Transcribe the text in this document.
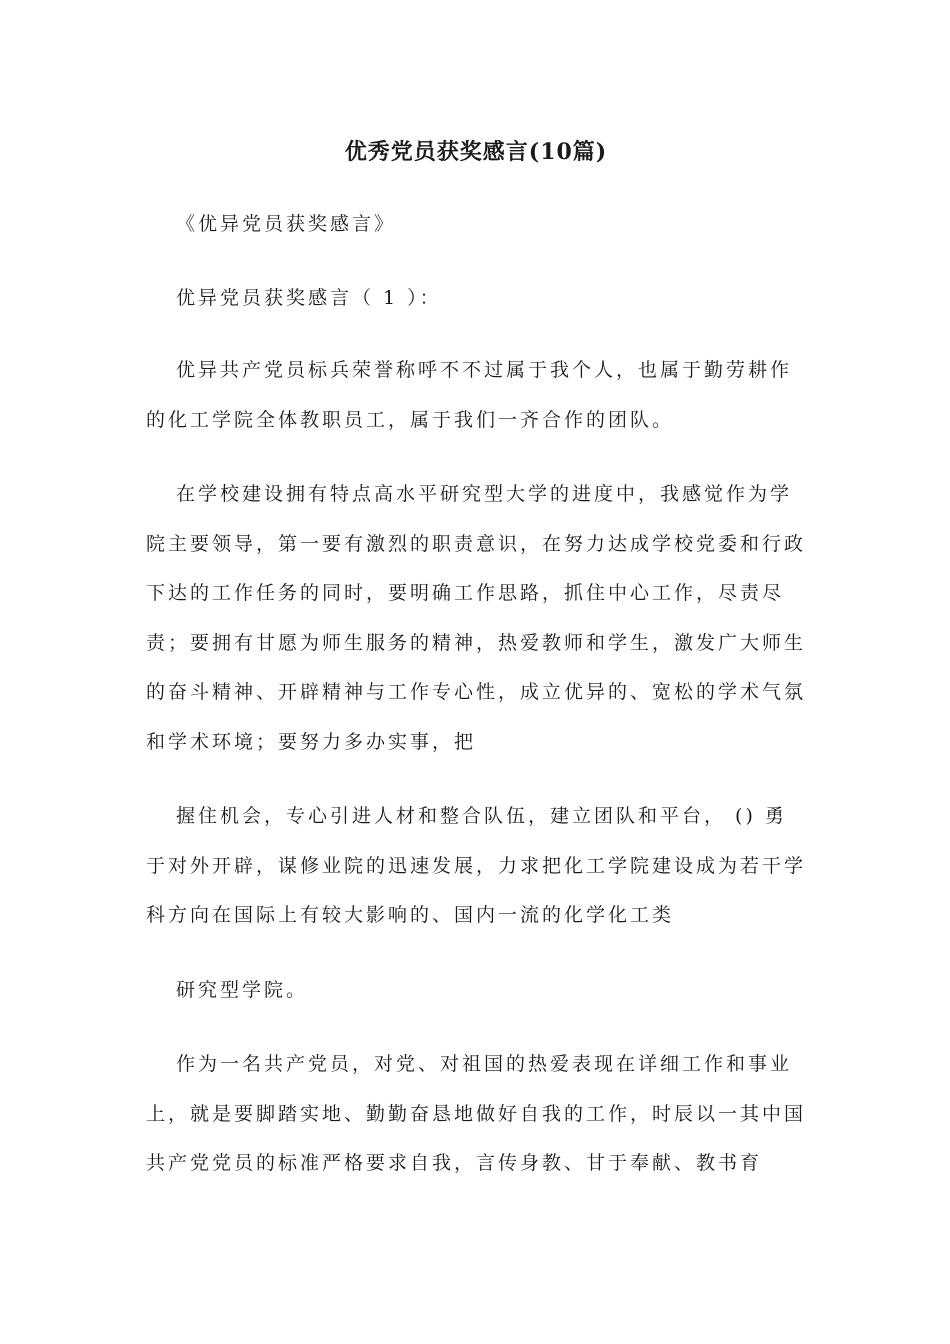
优秀党员获奖感言(10篇)
《优异党员获奖感言》
优异党员获奖感言（ 1 ）：

优异共产党员标兵荣誉称呼不不过属于我个人，也属于勤劳耕作的化工学院全体教职员工，属于我们一齐合作的团队。

在学校建设拥有特点高水平研究型大学的进度中，我感觉作为学院主要领导，第一要有激烈的职责意识，在努力达成学校党委和行政下达的工作任务的同时，要明确工作思路，抓住中心工作，尽责尽责；要拥有甘愿为师生服务的精神，热爱教师和学生，激发广大师生的奋斗精神、开辟精神与工作专心性，成立优异的、宽松的学术气氛和学术环境；要努力多办实事，把

握住机会，专心引进人材和整合队伍，建立团队和平台， () 勇于对外开辟，谋修业院的迅速发展，力求把化工学院建设成为若干学科方向在国际上有较大影响的、国内一流的化学化工类

研究型学院。

作为一名共产党员，对党、对祖国的热爱表现在详细工作和事业上，就是要脚踏实地、勤勤奋恳地做好自我的工作，时辰以一其中国共产党党员的标准严格要求自我，言传身教、甘于奉献、教书育
